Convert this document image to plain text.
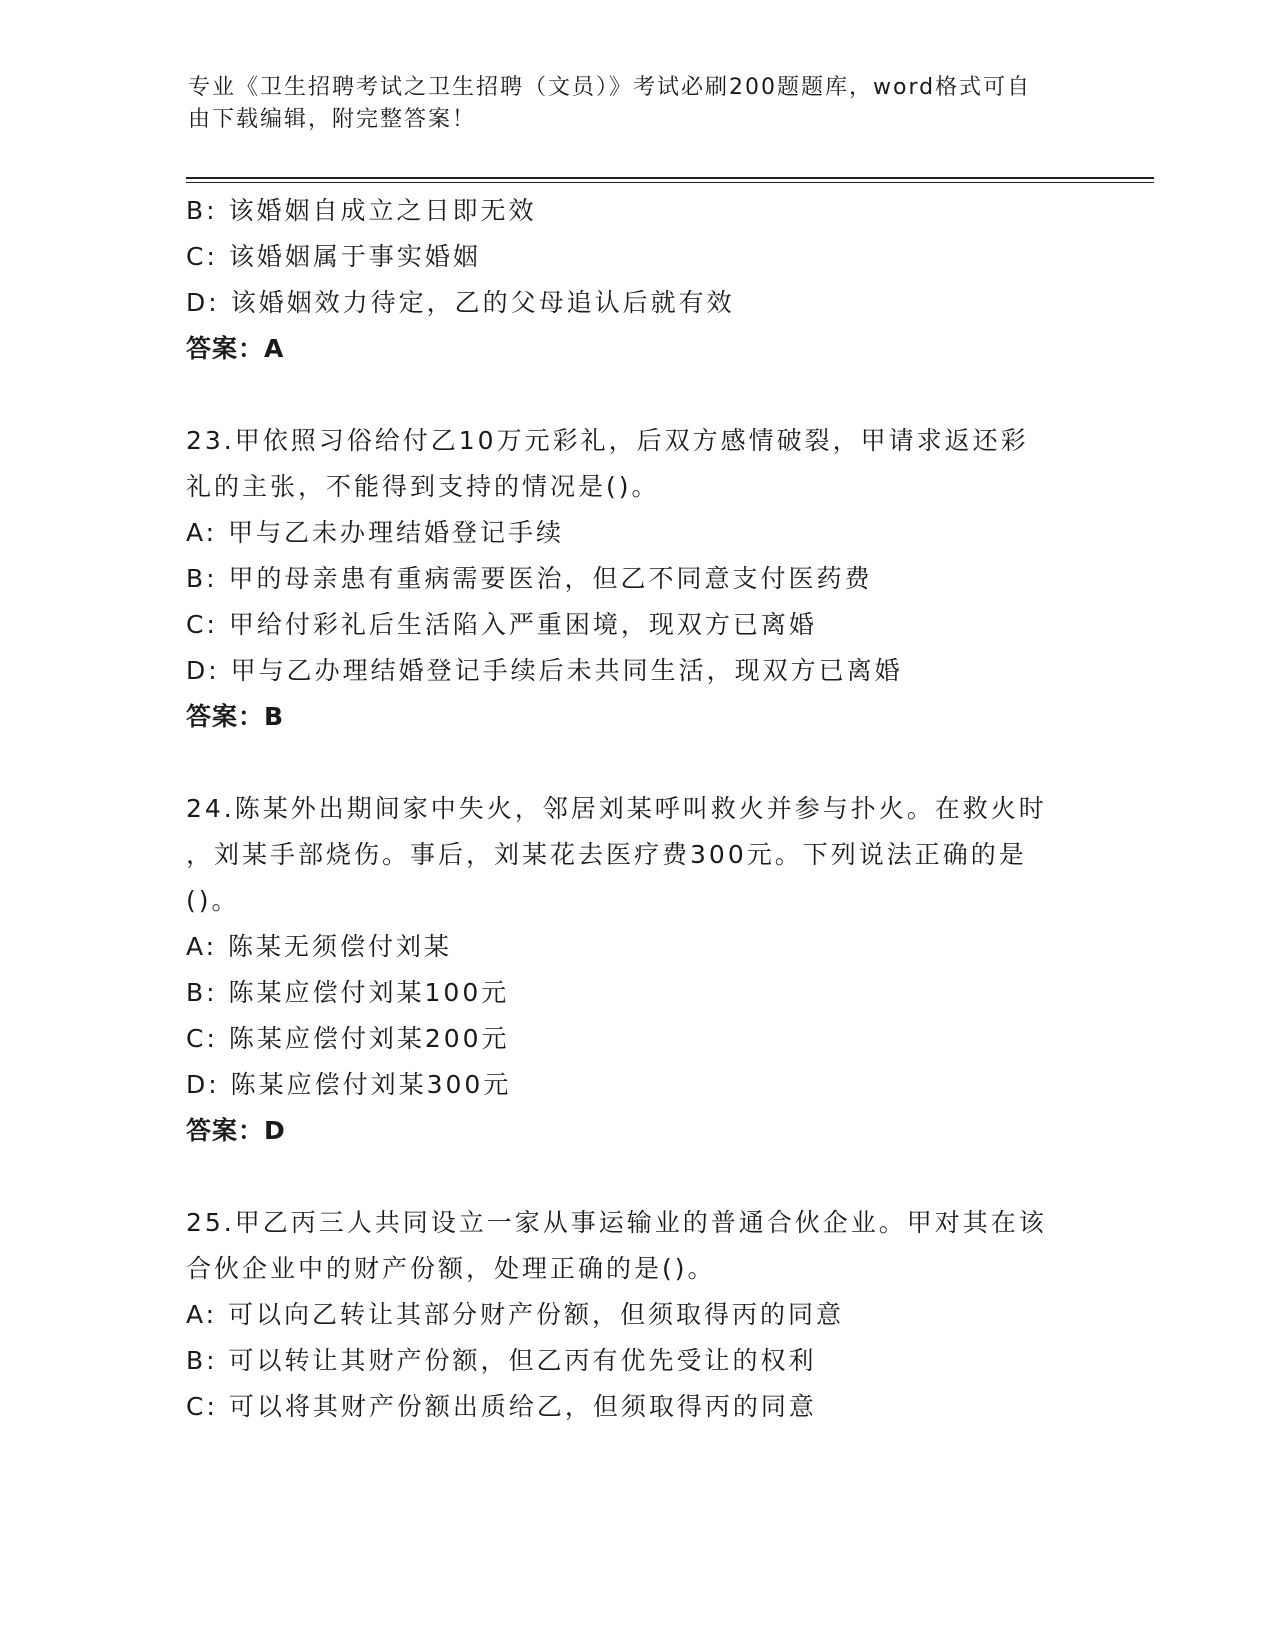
专业《卫生招聘考试之卫生招聘（文员）》考试必刷200题题库，word格式可自
由下载编辑，附完整答案！
B: 该婚姻自成立之日即无效
C: 该婚姻属于事实婚姻
D: 该婚姻效力待定，乙的父母追认后就有效
答案：A
23.甲依照习俗给付乙10万元彩礼，后双方感情破裂，甲请求返还彩
礼的主张，不能得到支持的情况是()。
A: 甲与乙未办理结婚登记手续
B: 甲的母亲患有重病需要医治，但乙不同意支付医药费
C: 甲给付彩礼后生活陷入严重困境，现双方已离婚
D: 甲与乙办理结婚登记手续后未共同生活，现双方已离婚
答案：B
24.陈某外出期间家中失火，邻居刘某呼叫救火并参与扑火。在救火时
，刘某手部烧伤。事后，刘某花去医疗费300元。下列说法正确的是
()。
A: 陈某无须偿付刘某
B: 陈某应偿付刘某100元
C: 陈某应偿付刘某200元
D: 陈某应偿付刘某300元
答案：D
25.甲乙丙三人共同设立一家从事运输业的普通合伙企业。甲对其在该
合伙企业中的财产份额，处理正确的是()。
A: 可以向乙转让其部分财产份额，但须取得丙的同意
B: 可以转让其财产份额，但乙丙有优先受让的权利
C: 可以将其财产份额出质给乙，但须取得丙的同意
